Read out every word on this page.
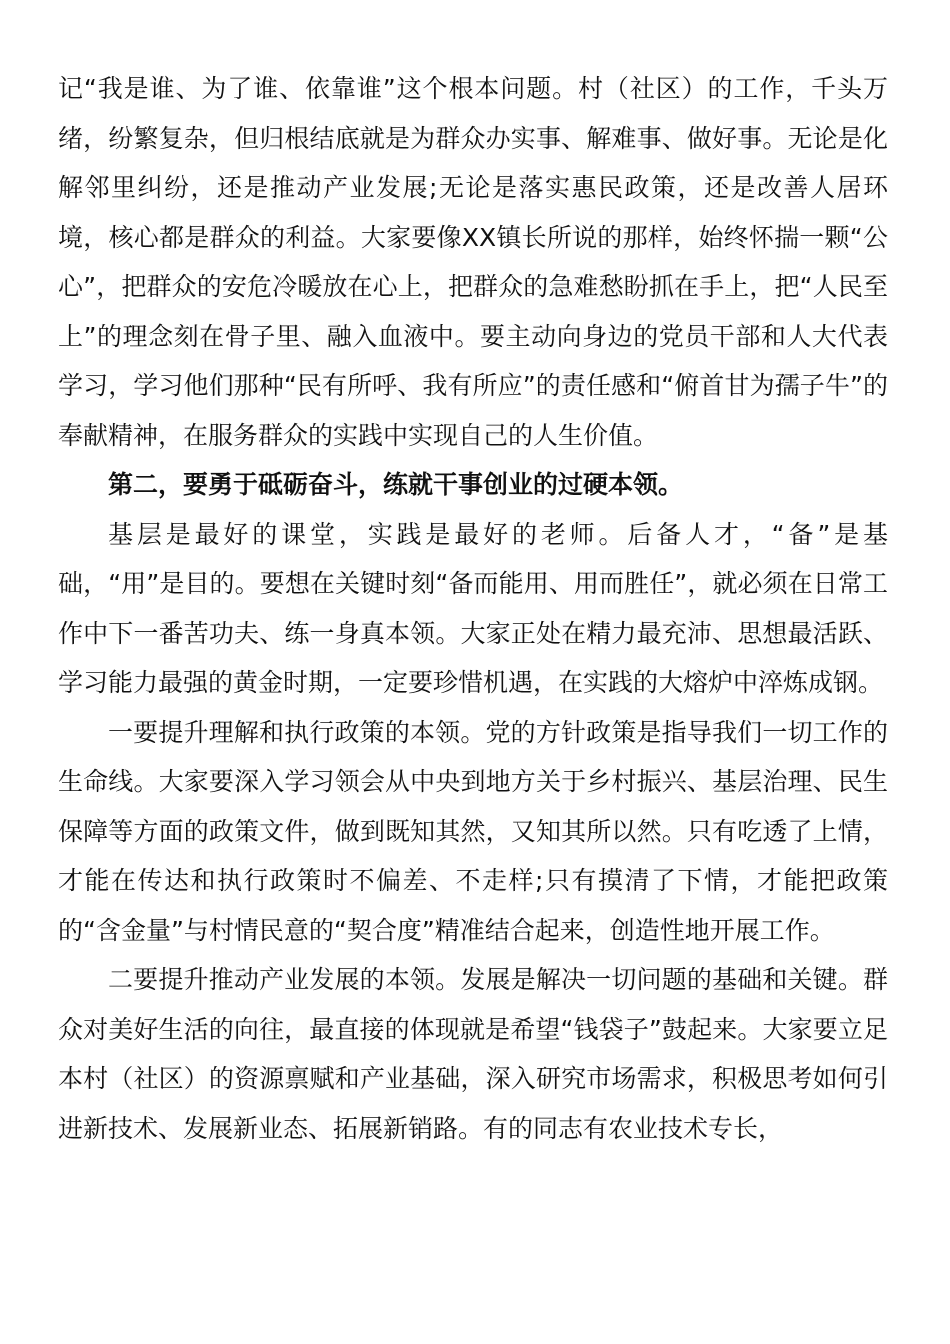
记“我是谁、为了谁、依靠谁”这个根本问题。村（社区）的工作，千头万绪，纷繁复杂，但归根结底就是为群众办实事、解难事、做好事。无论是化解邻里纠纷，还是推动产业发展;无论是落实惠民政策，还是改善人居环境，核心都是群众的利益。大家要像XX镇长所说的那样，始终怀揣一颗“公心”，把群众的安危冷暖放在心上，把群众的急难愁盼抓在手上，把“人民至上”的理念刻在骨子里、融入血液中。要主动向身边的党员干部和人大代表学习，学习他们那种“民有所呼、我有所应”的责任感和“俯首甘为孺子牛”的奉献精神，在服务群众的实践中实现自己的人生价值。

第二，要勇于砥砺奋斗，练就干事创业的过硬本领。

基层是最好的课堂，实践是最好的老师。后备人才，“备”是基础，“用”是目的。要想在关键时刻“备而能用、用而胜任”，就必须在日常工作中下一番苦功夫、练一身真本领。大家正处在精力最充沛、思想最活跃、学习能力最强的黄金时期，一定要珍惜机遇，在实践的大熔炉中淬炼成钢。

一要提升理解和执行政策的本领。党的方针政策是指导我们一切工作的生命线。大家要深入学习领会从中央到地方关于乡村振兴、基层治理、民生保障等方面的政策文件，做到既知其然，又知其所以然。只有吃透了上情，才能在传达和执行政策时不偏差、不走样;只有摸清了下情，才能把政策的“含金量”与村情民意的“契合度”精准结合起来，创造性地开展工作。

二要提升推动产业发展的本领。发展是解决一切问题的基础和关键。群众对美好生活的向往，最直接的体现就是希望“钱袋子”鼓起来。大家要立足本村（社区）的资源禀赋和产业基础，深入研究市场需求，积极思考如何引进新技术、发展新业态、拓展新销路。有的同志有农业技术专长，
